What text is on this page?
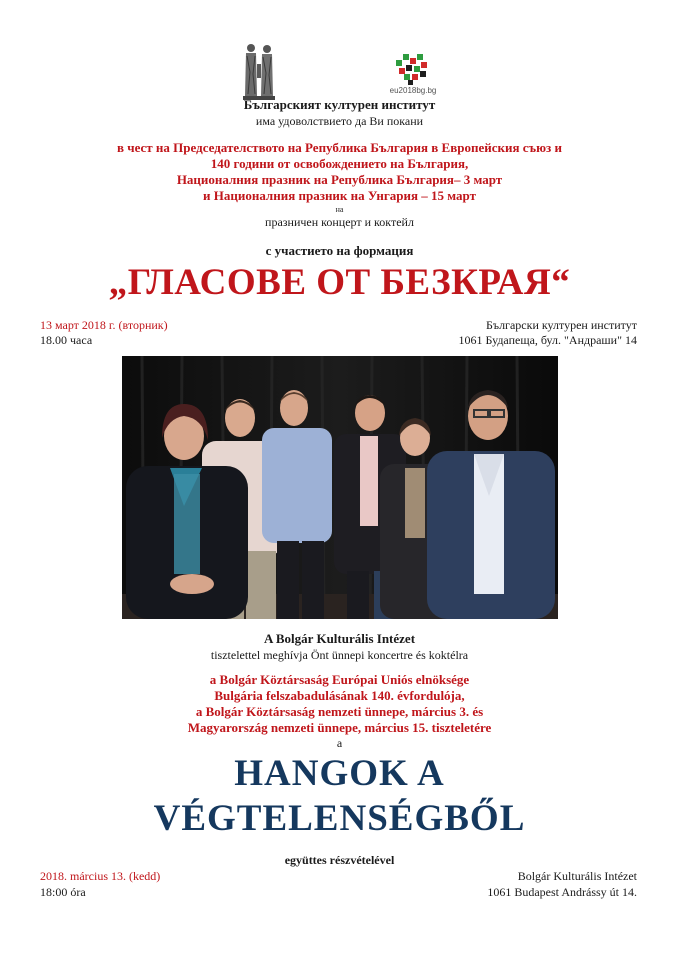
eu2018bg.bg
Българският културен институт
има удоволствието да Ви покани
в чест на Председателството на Република България в Европейския съюз и
140 години от освобождението на България,
Националния празник на Република България– 3 март
и Националния празник на Унгария – 15 март
на
празничен концерт и коктейл
с участието на формация
„ГЛАСОВЕ ОТ БЕЗКРАЯ“
13 март 2018 г. (вторник)
18.00 часа
Български културен институт
1061 Будапеща, бул. "Андраши" 14
A Bolgár Kulturális Intézet
tisztelettel meghívja Önt ünnepi koncertre és koktélra
a Bolgár Köztársaság Európai Uniós elnöksége
Bulgária felszabadulásának 140. évfordulója,
a Bolgár Köztársaság nemzeti ünnepe, március 3. és
Magyarország nemzeti ünnepe, március 15. tiszteletére
a
HANGOK A
VÉGTELENSÉGBŐL
együttes részvételével
2018. március 13. (kedd)
18:00 óra
Bolgár Kulturális Intézet
1061 Budapest Andrássy út 14.
